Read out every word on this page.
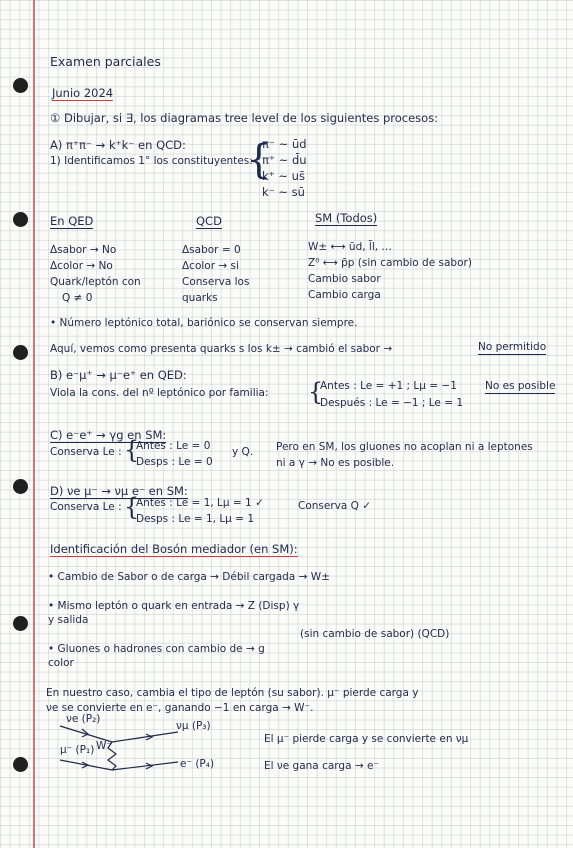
Examen parciales
Junio 2024
① Dibujar, si ∃, los diagramas tree level de los siguientes procesos:
A) π⁺π⁻ → k⁺k⁻ en QCD:
1) Identificamos 1° los constituyentes:
{
π⁻ ~ ūd
π⁺ ~ d̄u
k⁺ ~ us̄
k⁻ ~ sū
En QED
Δsabor → No
Δcolor → No
Quark/leptón con
Q ≠ 0
QCD
Δsabor = 0
Δcolor → si
Conserva los
quarks
SM (Todos)
W± ⟷ ūd, l̄l, …
Z⁰ ⟷ p̄p (sin cambio de sabor)
Cambio sabor
Cambio carga
• Número leptónico total, bariónico se conservan siempre.
Aquí, vemos como presenta quarks s los k± → cambió el sabor →	No permitido
B) e⁻μ⁺ → μ⁻e⁺ en QED:
Viola la cons. del nº leptónico por familia: {
Antes : Le = +1 ; Lμ = −1
Después : Le = −1 ; Le = 1
No es posible
C) e⁻e⁺ → γg en SM:
Conserva Le : {
Antes : Le = 0
Desps : Le = 0
y Q. Pero en SM, los gluones no acoplan ni a leptones
ni a γ → No es posible.
D) νe μ⁻ → νμ e⁻ en SM:
Conserva Le : {
Antes : Le = 1, Lμ = 1 ✓
Desps : Le = 1, Lμ = 1
Conserva Q ✓
Identificación del Bosón mediador (en SM):
• Cambio de Sabor o de carga → Débil cargada → W±
• Mismo leptón o quark en entrada → Z (Disp) γ
y salida
(sin cambio de sabor) (QCD)
• Gluones o hadrones con cambio de → g
color
En nuestro caso, cambia el tipo de leptón (su sabor). μ⁻ pierde carga y
νe se convierte en e⁻, ganando −1 en carga → W⁻.
νe (P₂)
μ⁻ (P₁)
νμ (P₃)
e⁻ (P₄)
W⁻
El μ⁻ pierde carga y se convierte en νμ
El νe gana carga → e⁻
